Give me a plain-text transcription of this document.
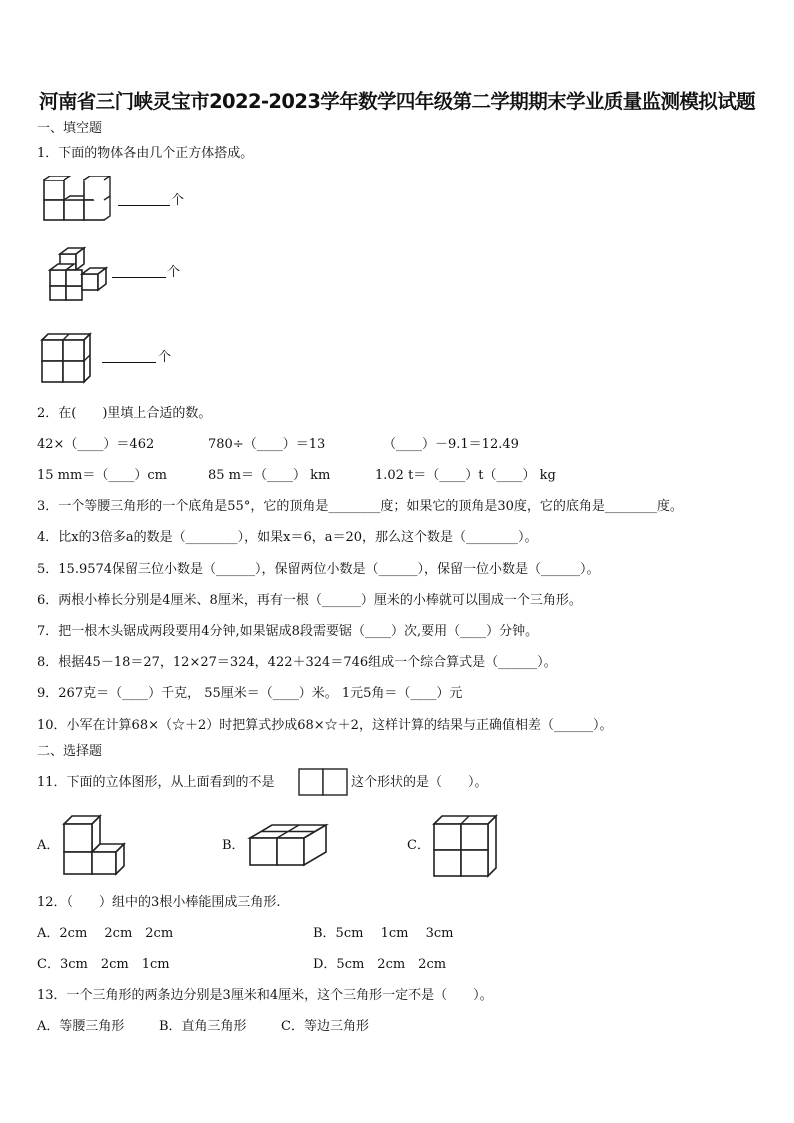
河南省三门峡灵宝市2022-2023学年数学四年级第二学期期末学业质量监测模拟试题
一、填空题
1．下面的物体各由几个正方体搭成。
个
个
个
2．在(　　)里填上合适的数。
42×（____）＝462	780÷（____）＝13	（____）－9.1＝12.49
15 mm＝（____）cm	85 m＝（____） km	1.02 t＝（____）t（____） kg
3．一个等腰三角形的一个底角是55°，它的顶角是________度；如果它的顶角是30度，它的底角是________度。
4．比x的3倍多a的数是（________），如果x＝6，a＝20，那么这个数是（________）。
5．15.9574保留三位小数是（______），保留两位小数是（______），保留一位小数是（______）。
6．两根小棒长分别是4厘米、8厘米，再有一根（______）厘米的小棒就可以围成一个三角形。
7．把一根木头锯成两段要用4分钟,如果锯成8段需要锯（____）次,要用（____）分钟。
8．根据45－18＝27，12×27＝324，422＋324＝746组成一个综合算式是（______）。
9．267克＝（____）千克， 55厘米＝（____）米。 1元5角＝（____）元
10．小军在计算68×（☆＋2）时把算式抄成68×☆＋2，这样计算的结果与正确值相差（______）。
二、选择题
11．下面的立体图形，从上面看到的不是	这个形状的是（　　）。
A．	B．	C．
12．（　　）组中的3根小棒能围成三角形.
A．2cm　 2cm　2cm	B．5cm　 1cm　 3cm
C．3cm　2cm　1cm	D．5cm　2cm　2cm
13．一个三角形的两条边分别是3厘米和4厘米，这个三角形一定不是（　　）。
A．等腰三角形	B．直角三角形	C．等边三角形
